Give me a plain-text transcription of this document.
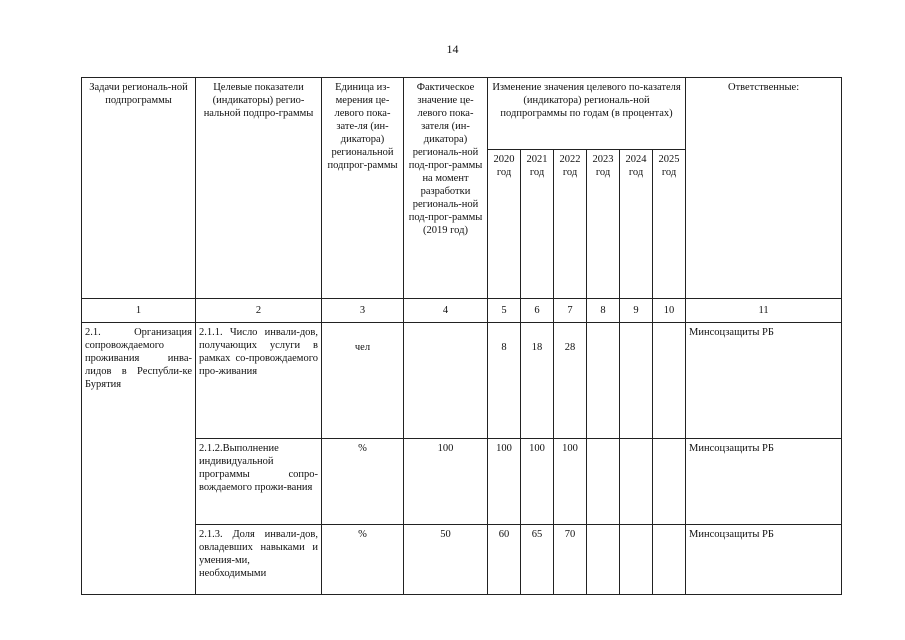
14
Задачи региональ-ной подпрограммы	Целевые показатели (индикаторы) регио-нальной подпро-граммы	Единица из-мерения це-левого пока-зате-ля (ин-дикатора) региональной подпрог-раммы	Фактическое значение це-левого пока-зателя (ин-дикатора) региональ-ной под-прог-раммы на момент разработки региональ-ной под-прог-раммы (2019 год)	Изменение значения целевого по-казателя (индикатора) региональ-ной подпрограммы по годам (в процентах)						Ответственные:
				2020 год	2021 год	2022 год	2023 год	2024 год	2025 год	
1	2	3	4	5	6	7	8	9	10	11
2.1. Организация сопровождаемого проживания инва-лидов в Республи-ке Бурятия	2.1.1. Число инвали-дов, получающих услуги в рамках со-провождаемого про-живания	чел		8	18	28				Минсоцзащиты РБ
	2.1.2.Выполнение индивидуальной программы сопро-вождаемого прожи-вания	%	100	100	100	100				Минсоцзащиты РБ
	2.1.3. Доля инвали-дов, овладевших навыками и умения-ми, необходимыми	%	50	60	65	70				Минсоцзащиты РБ
